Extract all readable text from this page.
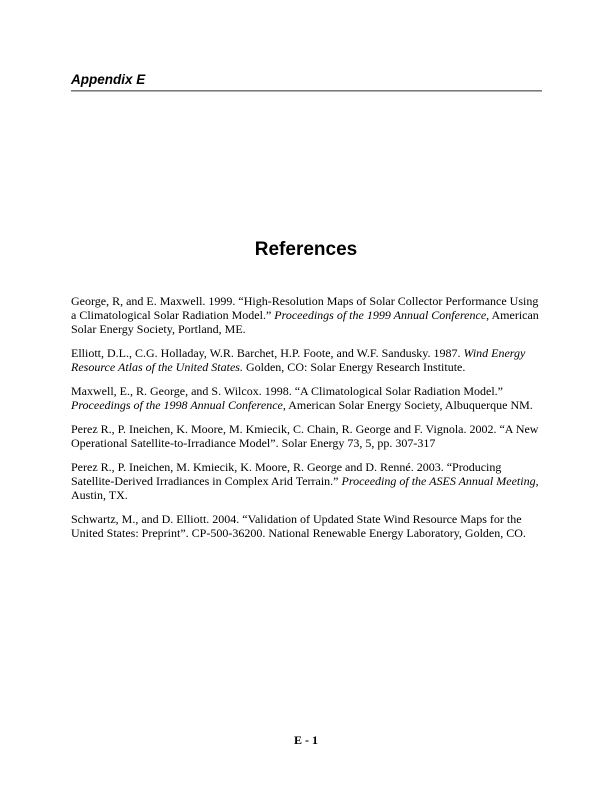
Appendix E
References

George, R, and E. Maxwell. 1999. “High-Resolution Maps of Solar Collector Performance Using a Climatological Solar Radiation Model.” Proceedings of the 1999 Annual Conference, American Solar Energy Society, Portland, ME.

Elliott, D.L., C.G. Holladay, W.R. Barchet, H.P. Foote, and W.F. Sandusky. 1987. Wind Energy Resource Atlas of the United States. Golden, CO: Solar Energy Research Institute.

Maxwell, E., R. George, and S. Wilcox. 1998. “A Climatological Solar Radiation Model.” Proceedings of the 1998 Annual Conference, American Solar Energy Society, Albuquerque NM.

Perez R., P. Ineichen, K. Moore, M. Kmiecik, C. Chain, R. George and F. Vignola. 2002. “A New Operational Satellite-to-Irradiance Model”. Solar Energy 73, 5, pp. 307-317

Perez R., P. Ineichen, M. Kmiecik, K. Moore, R. George and D. Renné. 2003. “Producing Satellite-Derived Irradiances in Complex Arid Terrain.” Proceeding of the ASES Annual Meeting, Austin, TX.

Schwartz, M., and D. Elliott. 2004. “Validation of Updated State Wind Resource Maps for the United States: Preprint”. CP-500-36200. National Renewable Energy Laboratory, Golden, CO.

E - 1
